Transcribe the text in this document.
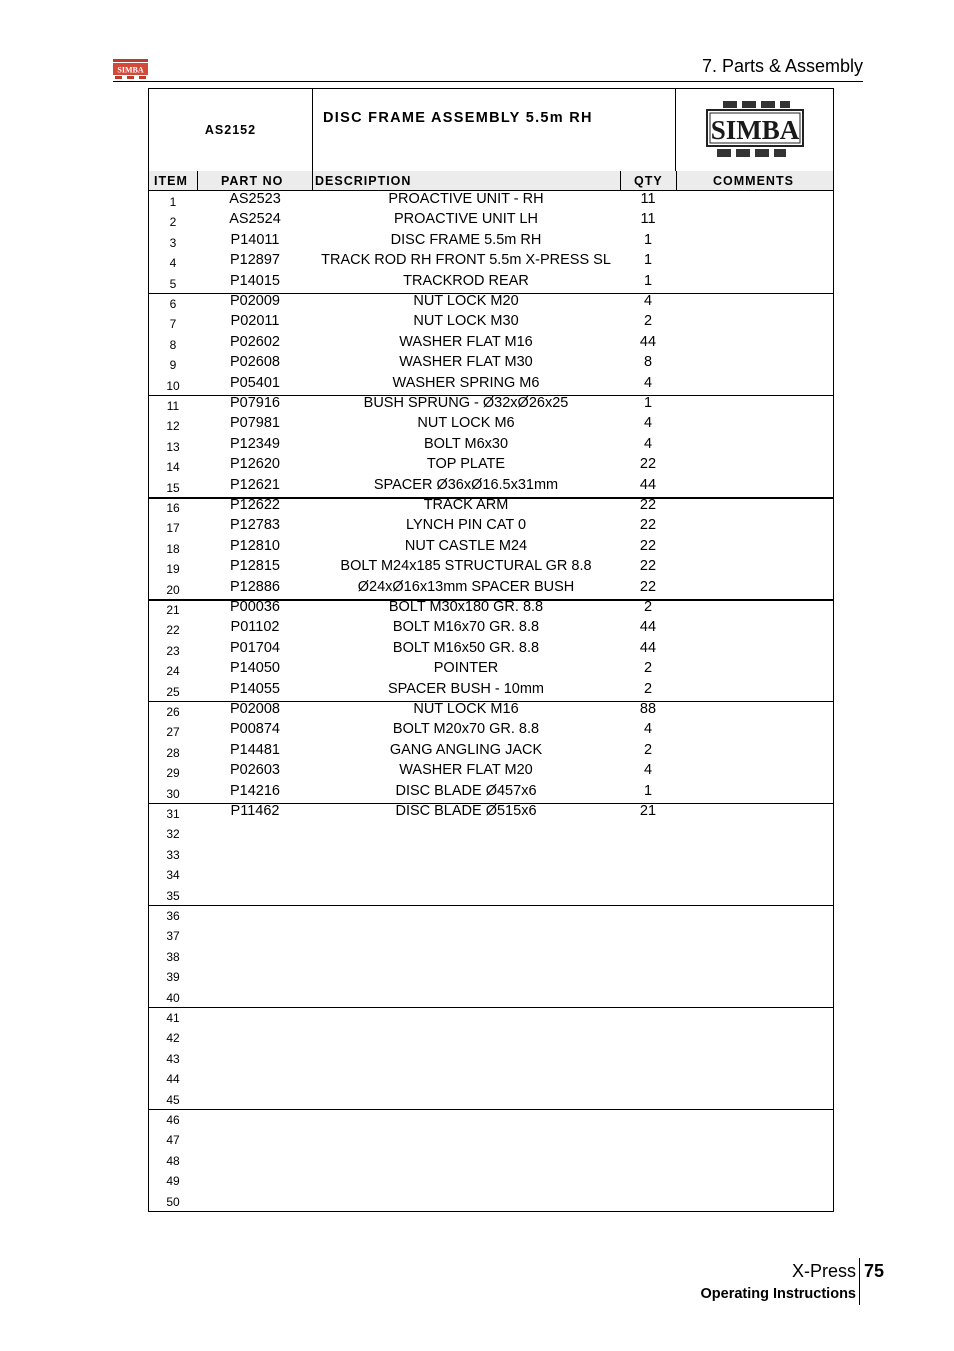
SIMBA	7. Parts & Assembly
AS2152
DISC FRAME ASSEMBLY 5.5m RH	SIMBA
ITEM	PART NO	DESCRIPTION	QTY	COMMENTS
1	AS2523	PROACTIVE UNIT - RH	11
2	AS2524	PROACTIVE UNIT LH	11
3	P14011	DISC FRAME 5.5m RH	1
4	P12897	TRACK ROD RH FRONT 5.5m X-PRESS SL	1
5	P14015	TRACKROD REAR	1
6	P02009	NUT LOCK M20	4
7	P02011	NUT LOCK M30	2
8	P02602	WASHER FLAT M16	44
9	P02608	WASHER FLAT M30	8
10	P05401	WASHER SPRING M6	4
11	P07916	BUSH SPRUNG - Ø32xØ26x25	1
12	P07981	NUT LOCK M6	4
13	P12349	BOLT M6x30	4
14	P12620	TOP PLATE	22
15	P12621	SPACER Ø36xØ16.5x31mm	44
16	P12622	TRACK ARM	22
17	P12783	LYNCH PIN CAT 0	22
18	P12810	NUT CASTLE M24	22
19	P12815	BOLT M24x185 STRUCTURAL GR 8.8	22
20	P12886	Ø24xØ16x13mm SPACER BUSH	22
21	P00036	BOLT M30x180 GR. 8.8	2
22	P01102	BOLT M16x70 GR. 8.8	44
23	P01704	BOLT M16x50 GR. 8.8	44
24	P14050	POINTER	2
25	P14055	SPACER BUSH - 10mm	2
26	P02008	NUT LOCK M16	88
27	P00874	BOLT M20x70 GR. 8.8	4
28	P14481	GANG ANGLING JACK	2
29	P02603	WASHER FLAT M20	4
30	P14216	DISC BLADE Ø457x6	1
31	P11462	DISC BLADE Ø515x6	21
32
33
34
35
36
37
38
39
40
41
42
43
44
45
46
47
48
49
50
X-Press 75
Operating Instructions
